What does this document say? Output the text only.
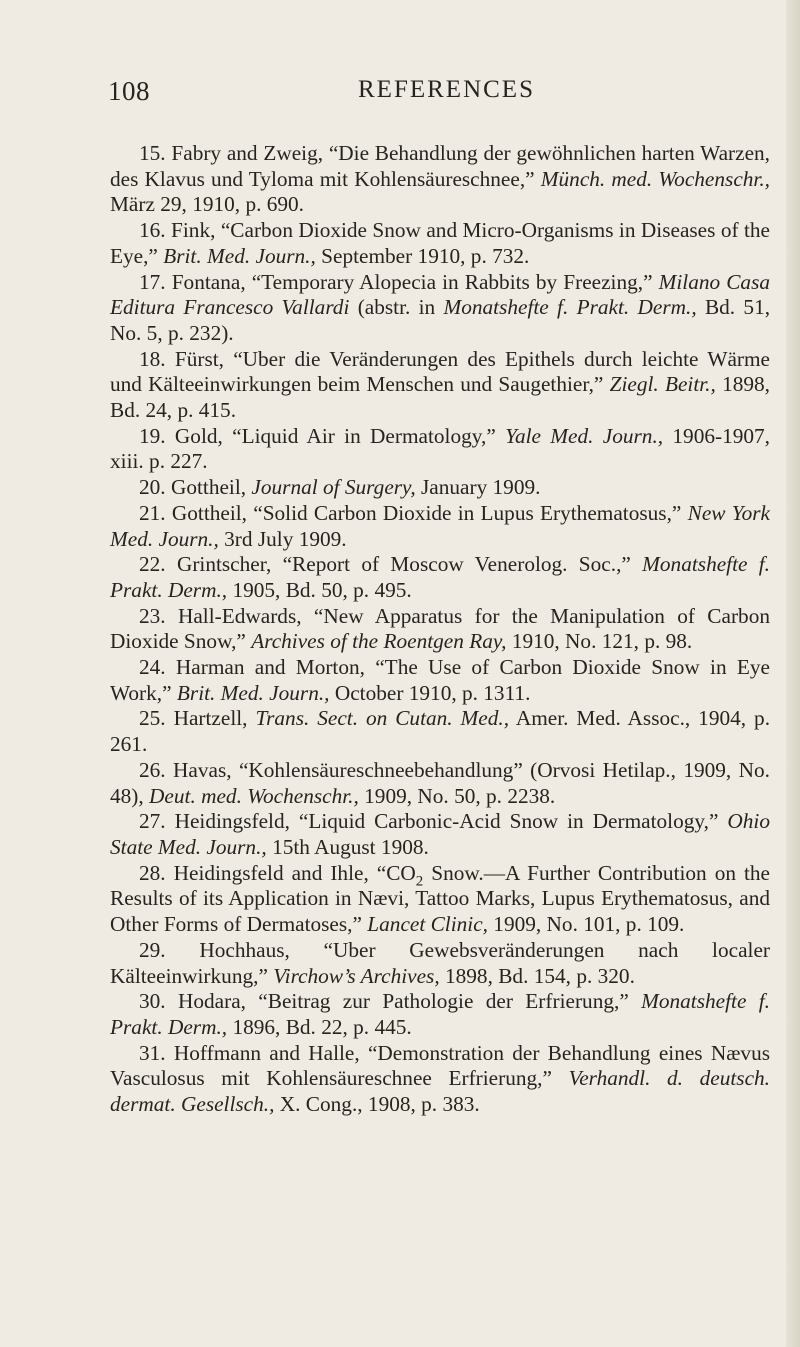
108	REFERENCES

15. Fabry and Zweig, “Die Behandlung der gewöhnlichen harten Warzen, des Klavus und Tyloma mit Kohlensäureschnee,” Münch. med. Wochenschr., März 29, 1910, p. 690.

16. Fink, “Carbon Dioxide Snow and Micro-Organisms in Diseases of the Eye,” Brit. Med. Journ., September 1910, p. 732.

17. Fontana, “Temporary Alopecia in Rabbits by Freezing,” Milano Casa Editura Francesco Vallardi (abstr. in Monatshefte f. Prakt. Derm., Bd. 51, No. 5, p. 232).

18. Fürst, “Uber die Veränderungen des Epithels durch leichte Wärme und Kälteeinwirkungen beim Menschen und Saugethier,” Ziegl. Beitr., 1898, Bd. 24, p. 415.

19. Gold, “Liquid Air in Dermatology,” Yale Med. Journ., 1906-1907, xiii. p. 227.

20. Gottheil, Journal of Surgery, January 1909.

21. Gottheil, “Solid Carbon Dioxide in Lupus Erythematosus,” New York Med. Journ., 3rd July 1909.

22. Grintscher, “Report of Moscow Venerolog. Soc.,” Monatshefte f. Prakt. Derm., 1905, Bd. 50, p. 495.

23. Hall-Edwards, “New Apparatus for the Manipulation of Carbon Dioxide Snow,” Archives of the Roentgen Ray, 1910, No. 121, p. 98.

24. Harman and Morton, “The Use of Carbon Dioxide Snow in Eye Work,” Brit. Med. Journ., October 1910, p. 1311.

25. Hartzell, Trans. Sect. on Cutan. Med., Amer. Med. Assoc., 1904, p. 261.

26. Havas, “Kohlensäureschneebehandlung” (Orvosi Hetilap., 1909, No. 48), Deut. med. Wochenschr., 1909, No. 50, p. 2238.

27. Heidingsfeld, “Liquid Carbonic-Acid Snow in Dermatology,” Ohio State Med. Journ., 15th August 1908.

28. Heidingsfeld and Ihle, “$CO_2$ Snow.—A Further Contribution on the Results of its Application in Nævi, Tattoo Marks, Lupus Erythematosus, and Other Forms of Dermatoses,” Lancet Clinic, 1909, No. 101, p. 109.

29. Hochhaus, “Uber Gewebsveränderungen nach localer Kälteeinwirkung,” Virchow’s Archives, 1898, Bd. 154, p. 320.

30. Hodara, “Beitrag zur Pathologie der Erfrierung,” Monatshefte f. Prakt. Derm., 1896, Bd. 22, p. 445.

31. Hoffmann and Halle, “Demonstration der Behandlung eines Nævus Vasculosus mit Kohlensäureschnee Erfrierung,” Verhandl. d. deutsch. dermat. Gesellsch., X. Cong., 1908, p. 383.
